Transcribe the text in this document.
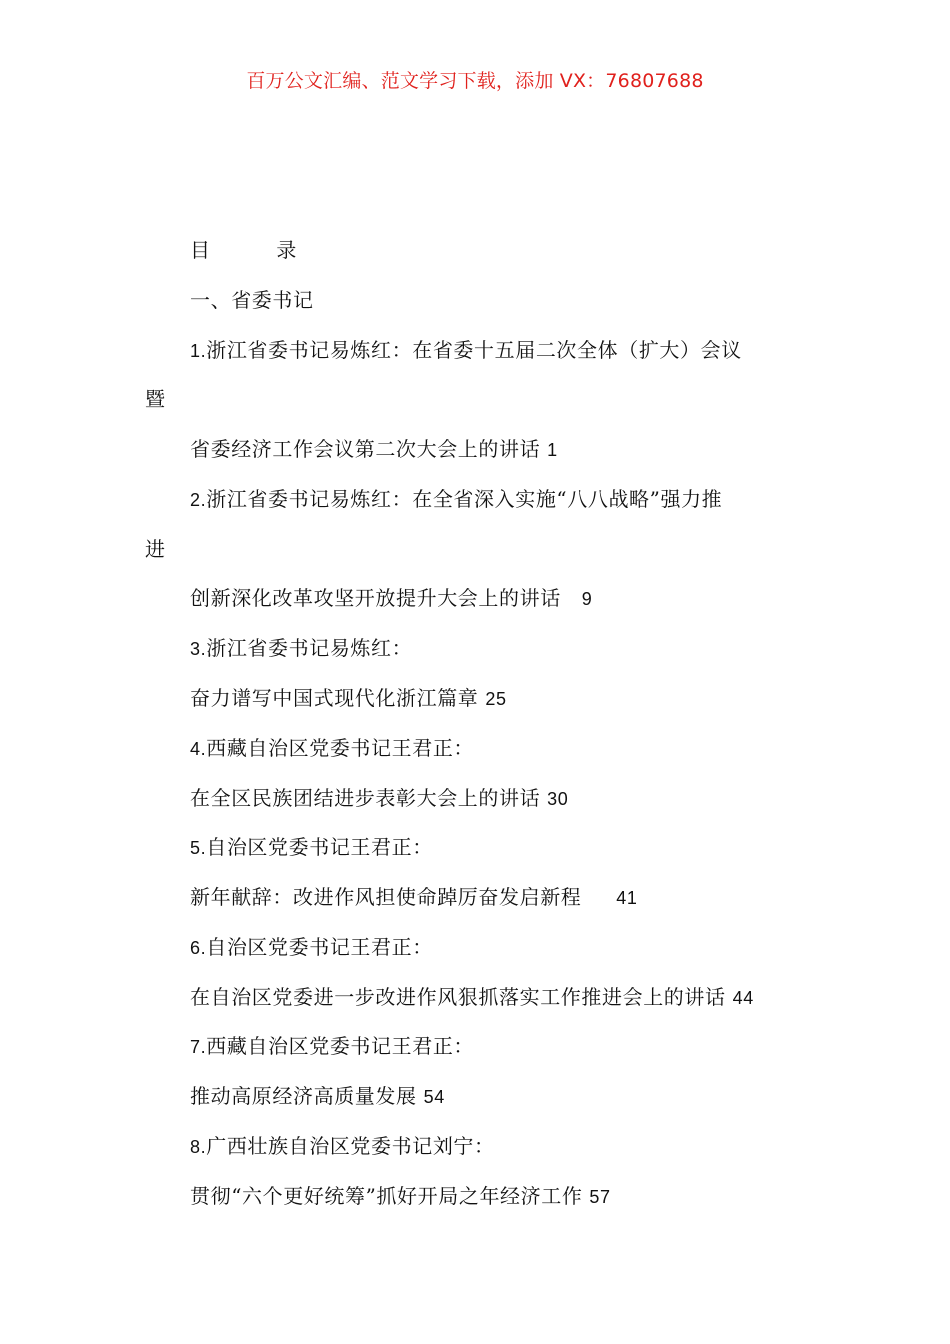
百万公文汇编、范文学习下载，添加 VX：76807688
目 录
一、省委书记
1.浙江省委书记易炼红：在省委十五届二次全体（扩大）会议
暨
省委经济工作会议第二次大会上的讲话 1
2.浙江省委书记易炼红：在全省深入实施“八八战略”强力推
进
创新深化改革攻坚开放提升大会上的讲话 9
3.浙江省委书记易炼红：
奋力谱写中国式现代化浙江篇章 25
4.西藏自治区党委书记王君正：
在全区民族团结进步表彰大会上的讲话 30
5.自治区党委书记王君正：
新年献辞：改进作风担使命踔厉奋发启新程 41
6.自治区党委书记王君正：
在自治区党委进一步改进作风狠抓落实工作推进会上的讲话 44
7.西藏自治区党委书记王君正：
推动高原经济高质量发展 54
8.广西壮族自治区党委书记刘宁：
贯彻“六个更好统筹”抓好开局之年经济工作 57
